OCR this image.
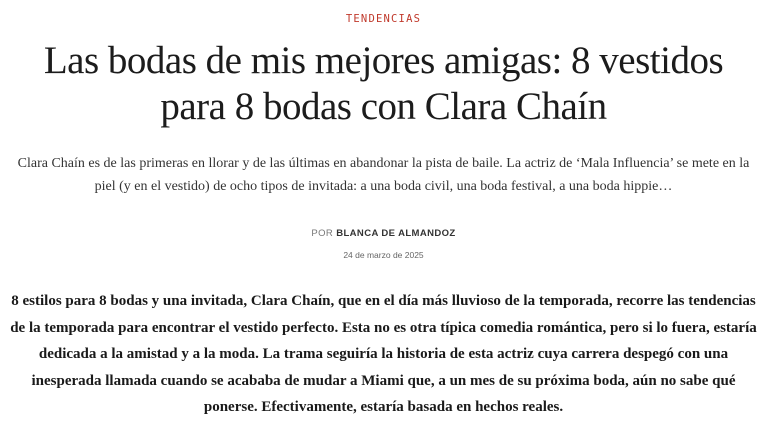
TENDENCIAS
Las bodas de mis mejores amigas: 8 vestidos para 8 bodas con Clara Chaín

Clara Chaín es de las primeras en llorar y de las últimas en abandonar la pista de baile. La actriz de ‘Mala Influencia’ se mete en la piel (y en el vestido) de ocho tipos de invitada: a una boda civil, una boda festival, a una boda hippie…

POR BLANCA DE ALMANDOZ
24 de marzo de 2025

8 estilos para 8 bodas y una invitada, Clara Chaín, que en el día más lluvioso de la temporada, recorre las tendencias de la temporada para encontrar el vestido perfecto. Esta no es otra típica comedia romántica, pero si lo fuera, estaría dedicada a la amistad y a la moda. La trama seguiría la historia de esta actriz cuya carrera despegó con una inesperada llamada cuando se acababa de mudar a Miami que, a un mes de su próxima boda, aún no sabe qué ponerse. Efectivamente, estaría basada en hechos reales.
